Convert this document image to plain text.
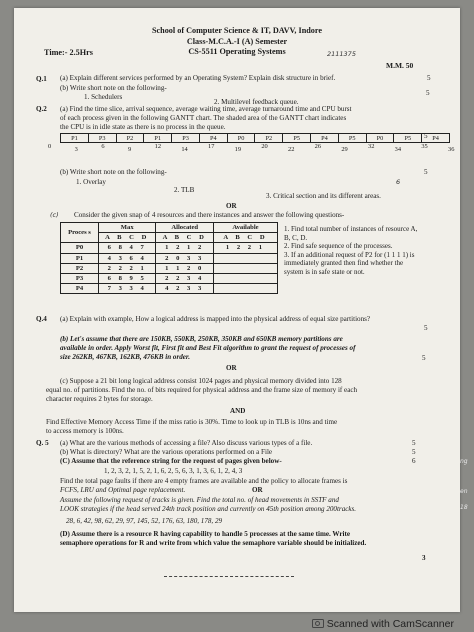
School of Computer Science & IT, DAVV, Indore
Class-M.C.A.-I (A) Semester
CS-5511 Operating Systems
Time:- 2.5Hrs	2111375
M.M. 50
Q.1 (a) Explain different services performed by an Operating System? Explain disk structure in brief.	5
(b) Write short note on the following-
5
1. Schedulers
2. Multilevel feedback queue.
Q.2 (a) Find the time slice, arrival sequence, average waiting time, average turnaround time and CPU burst
of each process given in the following GANTT chart. The shaded area of the GANTT chart indicates
the CPU is in idle state as there is no process in the queue.
5
P1	P3	P2	P1	P3	P4	P0	P2	P5	P4	P5	P0	P5	P4
0	3	6	9	12	14	17	19	20	22	26	29	32	34	35	36
(b) Write short note on the following-	5
6
1. Overlay
2. TLB
3. Critical section and its different areas.
OR
(c) Consider the given snap of 4 resources and there instances and answer the following questions-
Proces s	Max	Allocated	Available
	A B C D	A B C D	A B C D
P0	6 8 4 7	1 2 1 2	1 2 2 1
P1	4 3 6 4	2 0 3 3	
P2	2 2 2 1	1 1 2 0	
P3	6 8 9 5	2 2 3 4	
P4	7 3 3 4	4 2 3 3	
1. Find total number of instances of resource A, B, C, D.
2. Find safe sequence of the processes.
3. If an additional request of P2 for (1 1 1 1) is immediately granted then find whether the system is in safe state or not.
Q.4 (a) Explain with example, How a logical address is mapped into the physical address of equal size partitions?
5
(b) Let's assume that there are 150KB, 550KB, 250KB, 350KB and 650KB memory partitions are
available in order. Apply Worst fit, First fit and Best Fit algorithm to grant the request of processes of
size 262KB, 467KB, 162KB, 476KB in order.	5
OR
(c) Suppose a 21 bit long logical address consist 1024 pages and physical memory divided into 128
equal no. of partitions. Find the no. of bits required for physical address and the frame size of memory if each
character requires 2 bytes for storage.
AND
Find Effective Memory Access Time if the miss ratio is 30%. Time to look up in TLB is 10ns and time
to access memory is 100ns.
Q. 5 (a) What are the various methods of accessing a file? Also discuss various types of a file.	5
(b) What is directory? What are the various operations performed on a File	5
(C) Assume that the reference string for the request of pages given below-	6
1, 2, 3, 2, 1, 5, 2, 1, 6, 2, 5, 6, 3, 1, 3, 6, 1, 2, 4, 3
Find the total page faults if there are 4 empty frames are available and the policy to allocate frames is
FCFS, LRU and Optimal page replacement.	OR
Assume the following request of tracks is given. Find the total no. of head movements in SSTF and
LOOK strategies if the head served 24th track position and currently on 45th position among 200tracks.
28, 6, 42, 98, 62, 29, 97, 145, 52, 176, 63, 180, 178, 29
(D) Assume there is a resource R having capability to handle 5 processes at the same time. Write
semaphore operations for R and write from which value the semaphore variable should be initialized.
3
ng
en
18
Scanned with CamScanner
